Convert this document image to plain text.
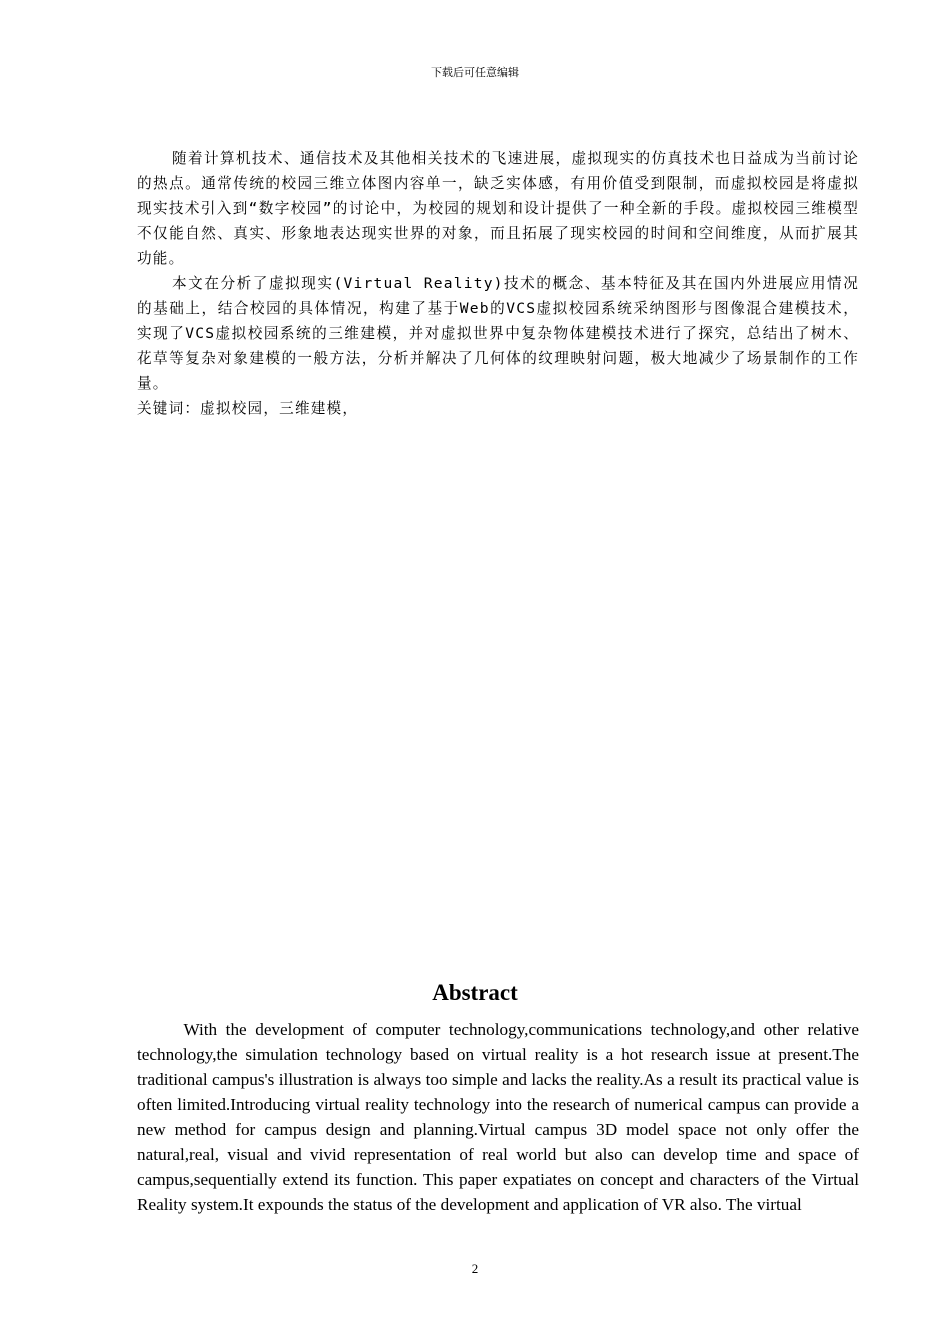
下载后可任意编辑

随着计算机技术、通信技术及其他相关技术的飞速进展，虚拟现实的仿真技术也日益成为当前讨论的热点。通常传统的校园三维立体图内容单一，缺乏实体感，有用价值受到限制，而虚拟校园是将虚拟现实技术引入到“数字校园”的讨论中，为校园的规划和设计提供了一种全新的手段。虚拟校园三维模型不仅能自然、真实、形象地表达现实世界的对象，而且拓展了现实校园的时间和空间维度，从而扩展其功能。

本文在分析了虚拟现实(Virtual Reality)技术的概念、基本特征及其在国内外进展应用情况的基础上，结合校园的具体情况，构建了基于Web的VCS虚拟校园系统采纳图形与图像混合建模技术，实现了VCS虚拟校园系统的三维建模，并对虚拟世界中复杂物体建模技术进行了探究，总结出了树木、花草等复杂对象建模的一般方法，分析并解决了几何体的纹理映射问题，极大地减少了场景制作的工作量。

关键词：虚拟校园，三维建模，

Abstract

With the development of computer technology,communications technology,and other relative technology,the simulation technology based on virtual reality is a hot research issue at present.The traditional campus's illustration is always too simple and lacks the reality.As a result its practical value is often limited.Introducing virtual reality technology into the research of numerical campus can provide a new method for campus design and planning.Virtual campus 3D model space not only offer the natural,real, visual and vivid representation of real world but also can develop time and space of campus,sequentially extend its function. This paper expatiates on concept and characters of the Virtual Reality system.It expounds the status of the development and application of VR also. The virtual

2
